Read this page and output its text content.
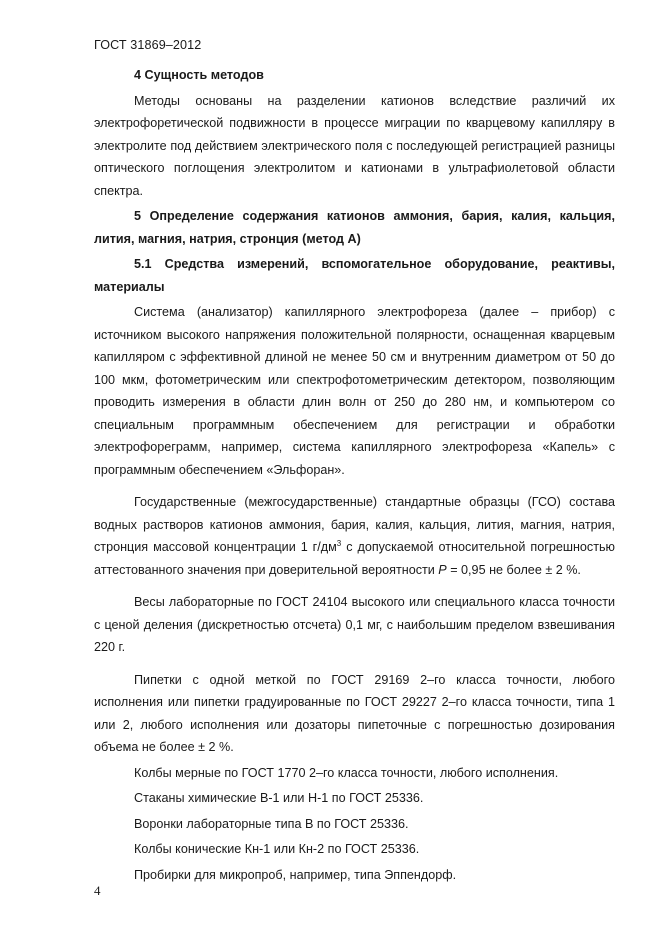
ГОСТ 31869–2012

4 Сущность методов

Методы основаны на разделении катионов вследствие различий их электрофоретической подвижности в процессе миграции по кварцевому капилляру в электролите под действием электрического поля с последующей регистрацией разницы оптического поглощения электролитом и катионами в ультрафиолетовой области спектра.

5 Определение содержания катионов аммония, бария, калия, кальция, лития, магния, натрия, стронция (метод А)

5.1 Средства измерений, вспомогательное оборудование, реактивы, материалы

Система (анализатор) капиллярного электрофореза (далее – прибор) с источником высокого напряжения положительной полярности, оснащенная кварцевым капилляром с эффективной длиной не менее 50 см и внутренним диаметром от 50 до 100 мкм, фотометрическим или спектрофотометрическим детектором, позволяющим проводить измерения в области длин волн от 250 до 280 нм, и компьютером со специальным программным обеспечением для регистрации и обработки электрофореграмм, например, система капиллярного электрофореза «Капель» с программным обеспечением «Эльфоран».

Государственные (межгосударственные) стандартные образцы (ГСО) состава водных растворов катионов аммония, бария, калия, кальция, лития, магния, натрия, стронция массовой концентрации 1 $г/дм^3$ с допускаемой относительной погрешностью аттестованного значения при доверительной вероятности Р = 0,95 не более ± 2 %.

Весы лабораторные по ГОСТ 24104 высокого или специального класса точности с ценой деления (дискретностью отсчета) 0,1 мг, с наибольшим пределом взвешивания 220 г.

Пипетки с одной меткой по ГОСТ 29169 2–го класса точности, любого исполнения или пипетки градуированные по ГОСТ 29227 2–го класса точности, типа 1 или 2, любого исполнения или дозаторы пипеточные с погрешностью дозирования объема не более ± 2 %.

Колбы мерные по ГОСТ 1770 2–го класса точности, любого исполнения.

Стаканы химические В-1 или Н-1 по ГОСТ 25336.

Воронки лабораторные типа В по ГОСТ 25336.

Колбы конические Кн-1 или Кн-2 по ГОСТ 25336.

Пробирки для микропроб, например, типа Эппендорф.

4
